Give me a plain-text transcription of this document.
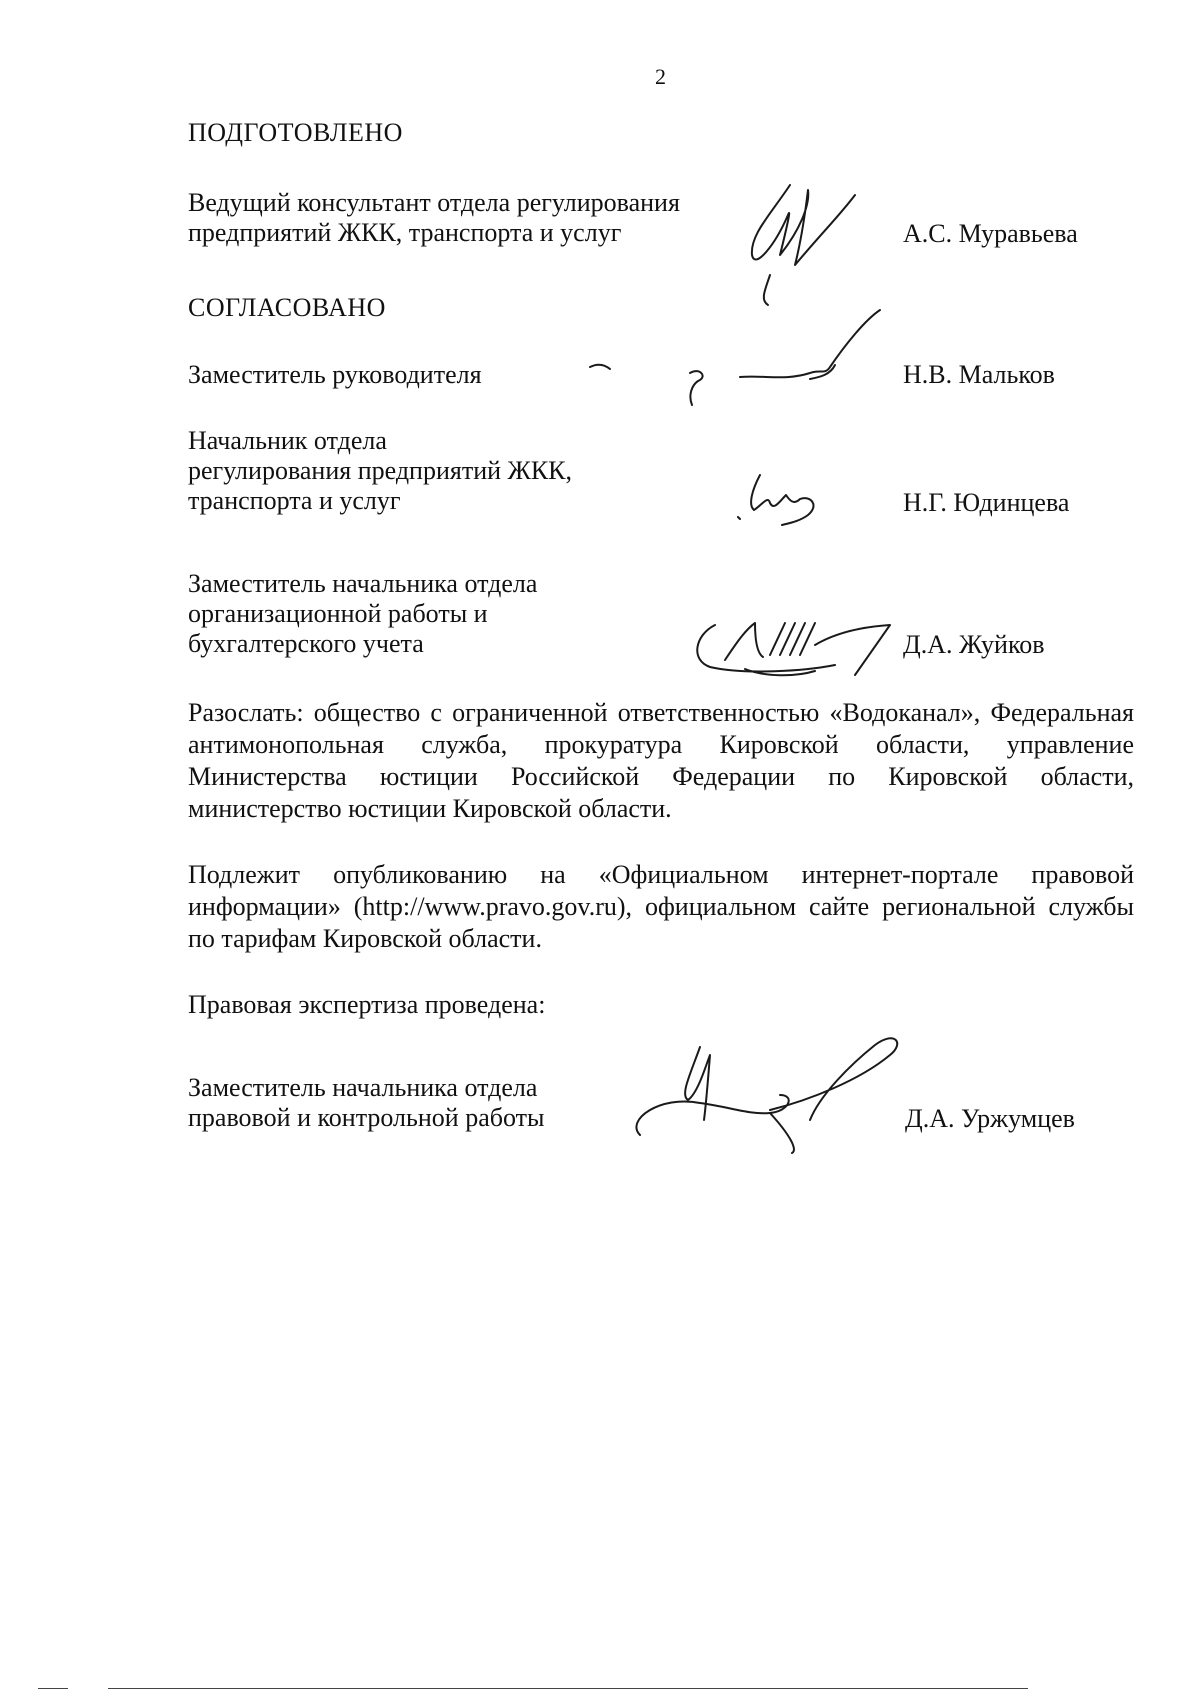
2
ПОДГОТОВЛЕНО
Ведущий консультант отдела регулирования
предприятий ЖКК, транспорта и услуг	А.С. Муравьева
СОГЛАСОВАНО
Заместитель руководителя	Н.В. Мальков
Начальник отдела
регулирования предприятий ЖКК,
транспорта и услуг	Н.Г. Юдинцева
Заместитель начальника отдела
организационной работы и
бухгалтерского учета	Д.А. Жуйков
Разослать: общество с ограниченной ответственностью «Водоканал», Федеральная антимонопольная служба, прокуратура Кировской области, управление Министерства юстиции Российской Федерации по Кировской области, министерство юстиции Кировской области.
Подлежит опубликованию на «Официальном интернет-портале правовой информации» (http://www.pravo.gov.ru), официальном сайте региональной службы по тарифам Кировской области.
Правовая экспертиза проведена:
Заместитель начальника отдела
правовой и контрольной работы	Д.А. Уржумцев
